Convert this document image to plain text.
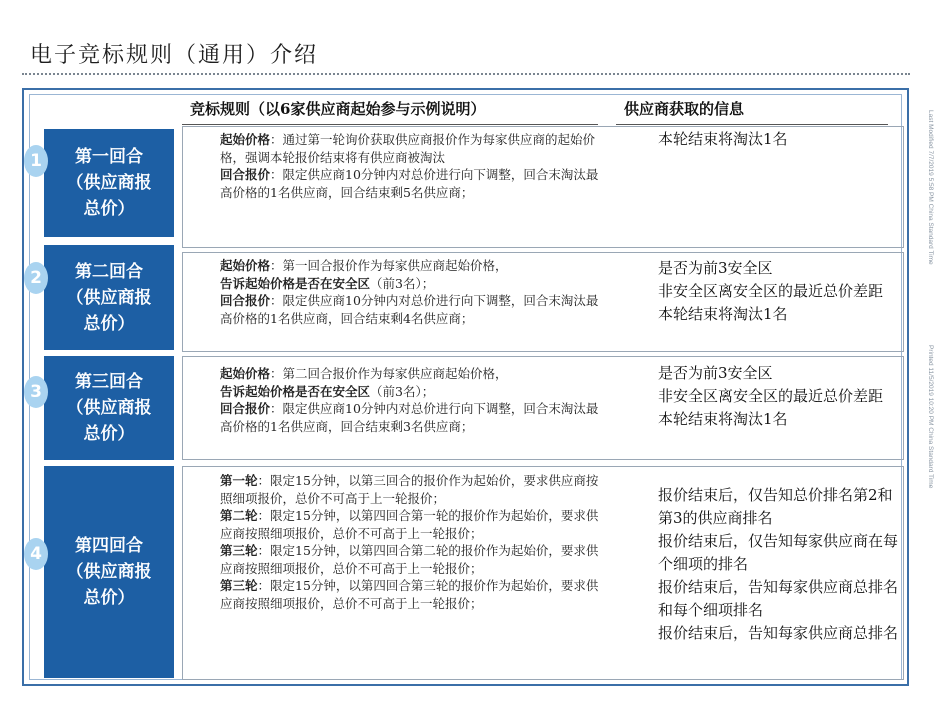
电子竞标规则（通用）介绍
竞标规则（以6家供应商起始参与示例说明）	供应商获取的信息
第一回合
（供应商报
总价）
1
起始价格：通过第一轮询价获取供应商报价作为每家供应商的起始价格，强调本轮报价结束将有供应商被淘汰
回合报价：限定供应商10分钟内对总价进行向下调整，回合末淘汰最高价格的1名供应商，回合结束剩5名供应商；
本轮结束将淘汰1名
第二回合
（供应商报
总价）
2
起始价格：第一回合报价作为每家供应商起始价格，
告诉起始价格是否在安全区（前3名）；
回合报价：限定供应商10分钟内对总价进行向下调整，回合末淘汰最高价格的1名供应商，回合结束剩4名供应商；
是否为前3安全区
非安全区离安全区的最近总价差距
本轮结束将淘汰1名
第三回合
（供应商报
总价）
3
起始价格：第二回合报价作为每家供应商起始价格，
告诉起始价格是否在安全区（前3名）；
回合报价：限定供应商10分钟内对总价进行向下调整，回合末淘汰最高价格的1名供应商，回合结束剩3名供应商；
是否为前3安全区
非安全区离安全区的最近总价差距
本轮结束将淘汰1名
第四回合
（供应商报
总价）
4
第一轮：限定15分钟，以第三回合的报价作为起始价，要求供应商按照细项报价，总价不可高于上一轮报价；
第二轮：限定15分钟，以第四回合第一轮的报价作为起始价，要求供应商按照细项报价，总价不可高于上一轮报价；
第三轮：限定15分钟，以第四回合第二轮的报价作为起始价，要求供应商按照细项报价，总价不可高于上一轮报价；
第三轮：限定15分钟，以第四回合第三轮的报价作为起始价，要求供应商按照细项报价，总价不可高于上一轮报价；
报价结束后，仅告知总价排名第2和第3的供应商排名
报价结束后，仅告知每家供应商在每个细项的排名
报价结束后，告知每家供应商总排名和每个细项排名
报价结束后，告知每家供应商总排名
Last Modified 7/7/2019 5:58 PM China Standard Time
Printed 11/5/2019 10:20 PM China Standard Time
